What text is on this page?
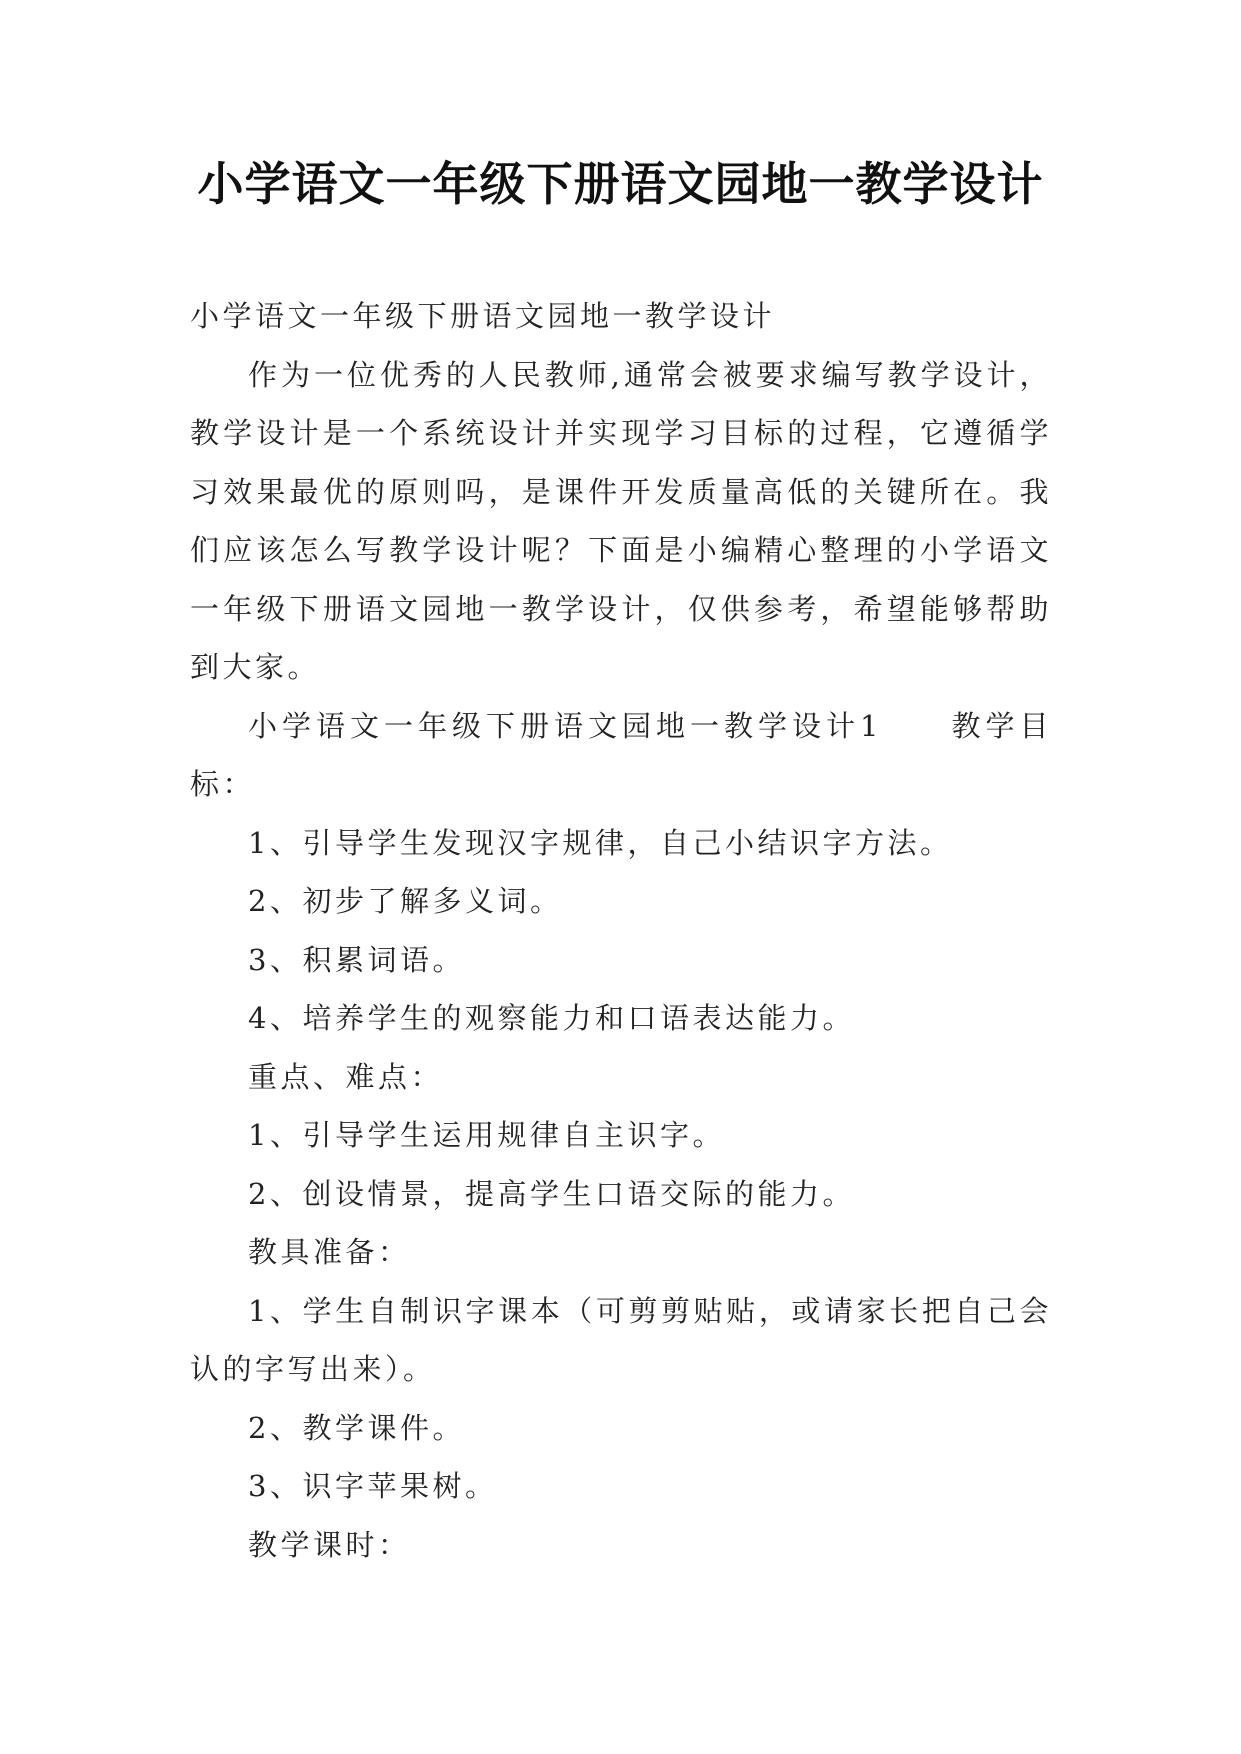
小学语文一年级下册语文园地一教学设计

小学语文一年级下册语文园地一教学设计

作为一位优秀的人民教师,通常会被要求编写教学设计，教学设计是一个系统设计并实现学习目标的过程，它遵循学习效果最优的原则吗，是课件开发质量高低的关键所在。我们应该怎么写教学设计呢？下面是小编精心整理的小学语文一年级下册语文园地一教学设计，仅供参考，希望能够帮助到大家。

小学语文一年级下册语文园地一教学设计1　　教学目标：

1、引导学生发现汉字规律，自己小结识字方法。

2、初步了解多义词。

3、积累词语。

4、培养学生的观察能力和口语表达能力。

重点、难点：

1、引导学生运用规律自主识字。

2、创设情景，提高学生口语交际的能力。

教具准备：

1、学生自制识字课本（可剪剪贴贴，或请家长把自己会认的字写出来）。

2、教学课件。

3、识字苹果树。

教学课时：
